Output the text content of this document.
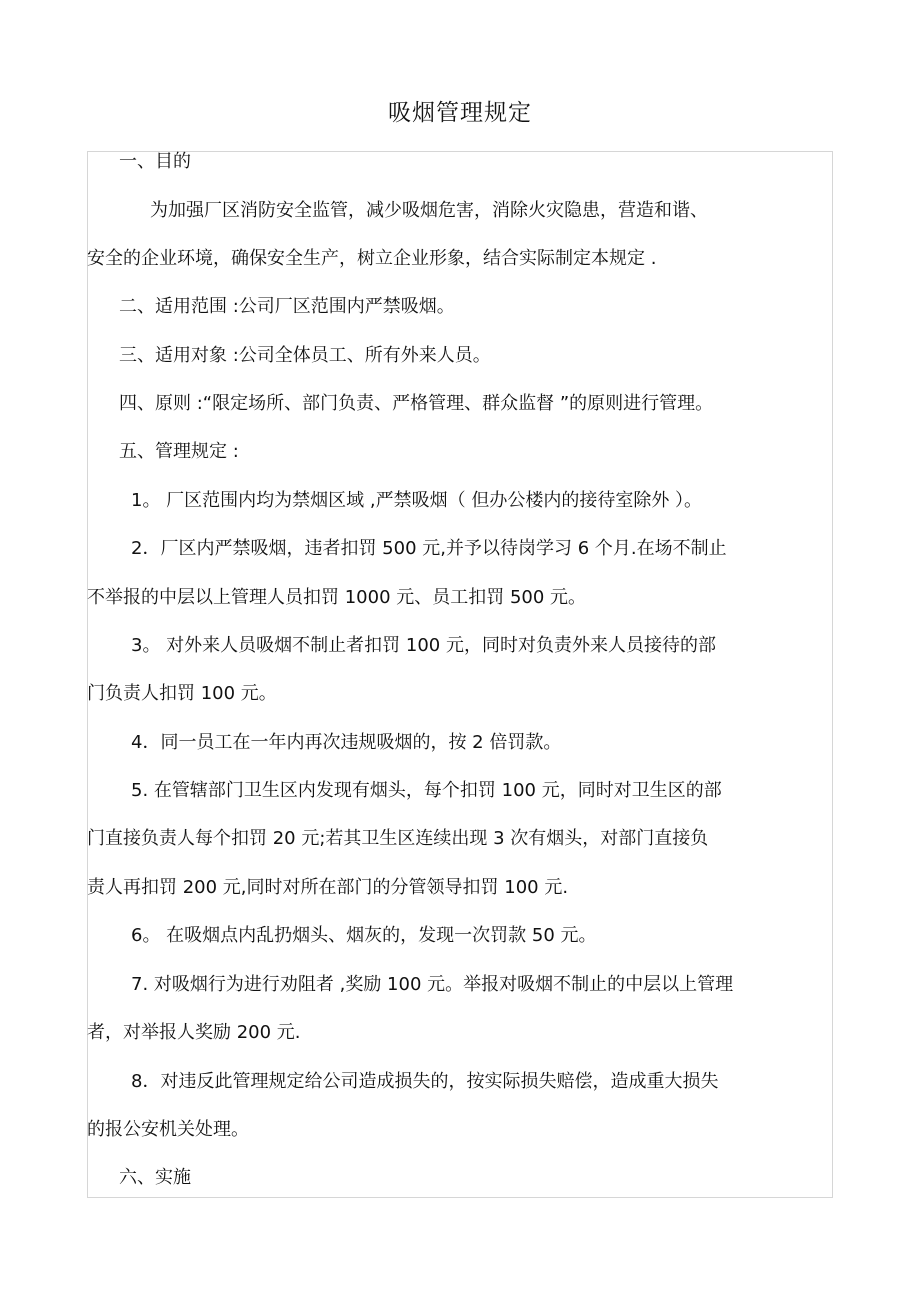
吸烟管理规定
一、目的
为加强厂区消防安全监管，减少吸烟危害，消除火灾隐患，营造和谐、
安全的企业环境，确保安全生产，树立企业形象，结合实际制定本规定 .
二、适用范围 :公司厂区范围内严禁吸烟。
三、适用对象 :公司全体员工、所有外来人员。
四、原则 :“限定场所、部门负责、严格管理、群众监督 ”的原则进行管理。
五、管理规定 :
1。 厂区范围内均为禁烟区域 ,严禁吸烟（ 但办公楼内的接待室除外 ）。
2．厂区内严禁吸烟，违者扣罚 500 元,并予以待岗学习 6 个月.在场不制止
不举报的中层以上管理人员扣罚 1000 元、员工扣罚 500 元。
3。 对外来人员吸烟不制止者扣罚 100 元，同时对负责外来人员接待的部
门负责人扣罚 100 元。
4．同一员工在一年内再次违规吸烟的，按 2 倍罚款。
5. 在管辖部门卫生区内发现有烟头，每个扣罚 100 元，同时对卫生区的部
门直接负责人每个扣罚 20 元;若其卫生区连续出现 3 次有烟头，对部门直接负
责人再扣罚 200 元,同时对所在部门的分管领导扣罚 100 元.
6。 在吸烟点内乱扔烟头、烟灰的，发现一次罚款 50 元。
7. 对吸烟行为进行劝阻者 ,奖励 100 元。举报对吸烟不制止的中层以上管理
者，对举报人奖励 200 元.
8．对违反此管理规定给公司造成损失的，按实际损失赔偿，造成重大损失
的报公安机关处理。
六、实施
